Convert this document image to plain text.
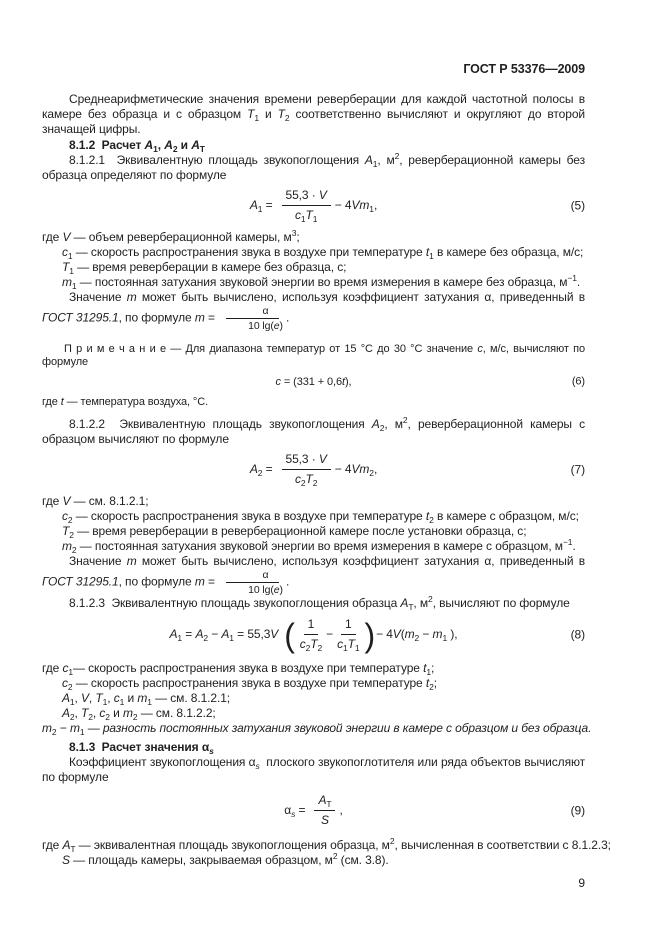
ГОСТ Р 53376—2009

Среднеарифметические значения времени реверберации для каждой частотной полосы в камере без образца и с образцом $T_1$ и $T_2$ соответственно вычисляют и округляют до второй значащей цифры.

8.1.2  Расчет $A_1$, $A_2$ и $A_T$

8.1.2.1  Эквивалентную площадь звукопоглощения $A_1$, $м^2$, реверберационной камеры без образца определяют по формуле

$A_1 = \frac{55,3 \cdot V}{c_1T_1} - 4Vm_1$,	(5)
где V — объем реверберационной камеры, $м^3$;
$c_1$ — скорость распространения звука в воздухе при температуре $t_1$ в камере без образца, м/с;
$T_1$ — время реверберации в камере без образца, с;
$m_1$ — постоянная затухания звуковой энергии во время измерения в камере без образца, $м^{-1}$.

Значение m может быть вычислено, используя коэффициент затухания α, приведенный в ГОСТ 31295.1, по формуле $m = \frac{\alpha}{10 \lg(e)}$ .

П р и м е ч а н и е — Для диапазона температур от 15 °С до 30 °С значение с, м/с, вычисляют по формуле
с = (331 + 0,6t),	(6)
где t — температура воздуха, °С.

8.1.2.2  Эквивалентную площадь звукопоглощения $A_2$, $м^2$, реверберационной камеры с образцом вычисляют по формуле

$A_2 = \frac{55,3 \cdot V}{c_2T_2} - 4Vm_2$,	(7)
где V — см. 8.1.2.1;
$c_2$ — скорость распространения звука в воздухе при температуре $t_2$ в камере с образцом, м/с;
$T_2$ — время реверберации в реверберационной камере после установки образца, с;
$m_2$ — постоянная затухания звуковой энергии во время измерения в камере с образцом, $м^{-1}$.

Значение m может быть вычислено, используя коэффициент затухания α, приведенный в ГОСТ 31295.1, по формуле $m = \frac{\alpha}{10 \lg(e)}$ .

8.1.2.3  Эквивалентную площадь звукопоглощения образца $A_T$, $м^2$, вычисляют по формуле

$A_1 = A_2 - A_1 = 55,3V$ ( $\frac{1}{c_2T_2} - \frac{1}{c_1T_1}$ ) − $4V(m_2 - m_1$ ),	(8)
где $c_1—$ скорость распространения звука в воздухе при температуре $t_1$;
$c_2$ — скорость распространения звука в воздухе при температуре $t_2$;
$A_1$, V, $T_1$, $c_1$ и $m_1$ — см. 8.1.2.1;
$A_2$, $T_2$, $c_2$ и $m_2$ — см. 8.1.2.2;
$m_2 - m_1$ — разность постоянных затухания звуковой энергии в камере с образцом и без образца.
8.1.3  Расчет значения $\alpha_s$

Коэффициент звукопоглощения $\alpha_s$  плоского звукопоглотителя или ряда объектов вычисляют по формуле

$\alpha_s = \frac{A_T}{S}$ ,	(9)
где $A_T$ — эквивалентная площадь звукопоглощения образца, $м^2$, вычисленная в соответствии с 8.1.2.3;
S — площадь камеры, закрываемая образцом, $м^2$ (см. 3.8).
9
